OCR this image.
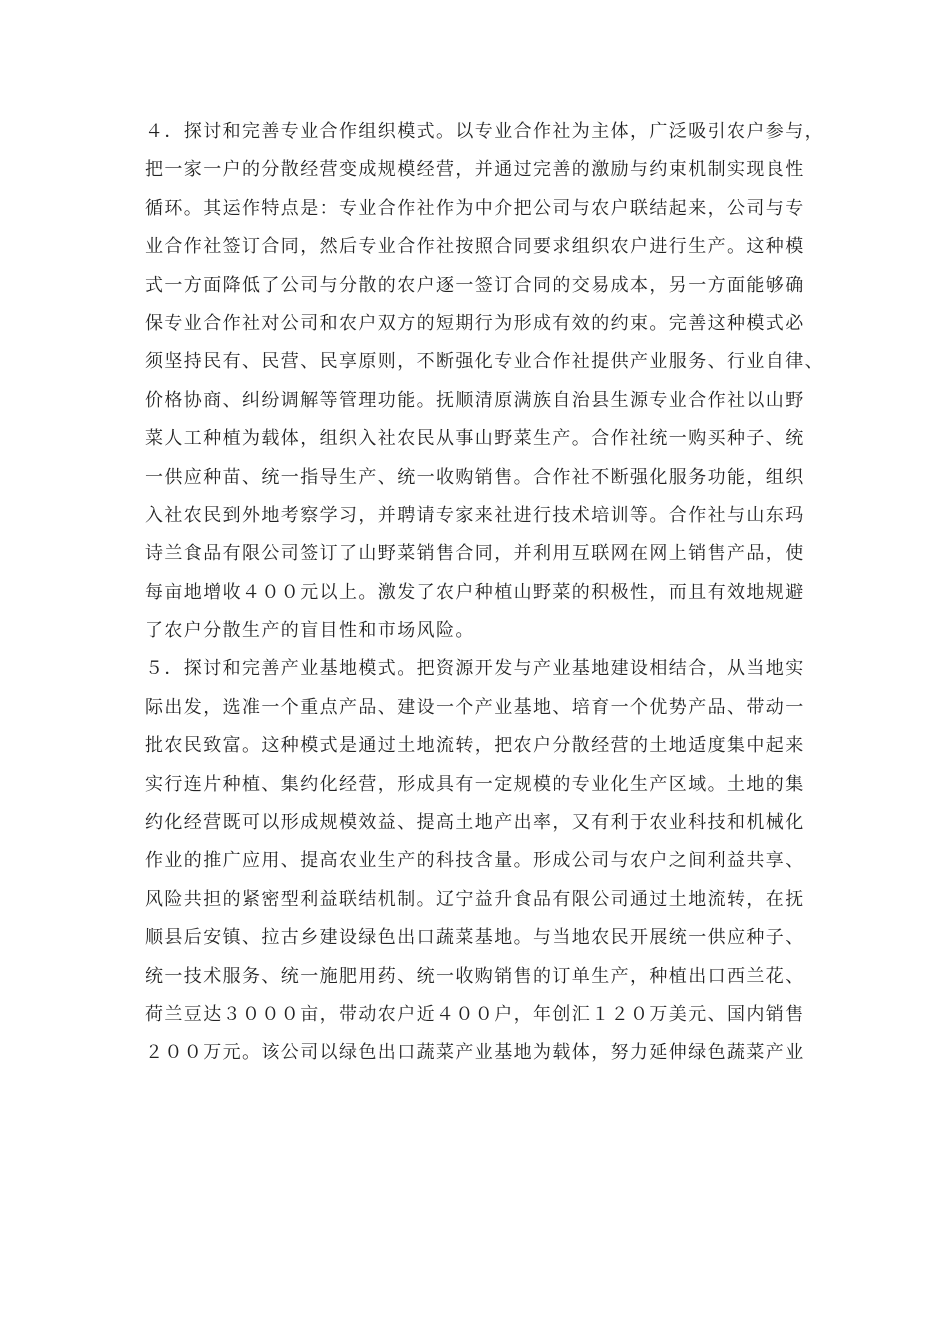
４．探讨和完善专业合作组织模式。以专业合作社为主体，广泛吸引农户参与，
把一家一户的分散经营变成规模经营，并通过完善的激励与约束机制实现良性
循环。其运作特点是：专业合作社作为中介把公司与农户联结起来，公司与专
业合作社签订合同，然后专业合作社按照合同要求组织农户进行生产。这种模
式一方面降低了公司与分散的农户逐一签订合同的交易成本，另一方面能够确
保专业合作社对公司和农户双方的短期行为形成有效的约束。完善这种模式必
须坚持民有、民营、民享原则，不断强化专业合作社提供产业服务、行业自律、
价格协商、纠纷调解等管理功能。抚顺清原满族自治县生源专业合作社以山野
菜人工种植为载体，组织入社农民从事山野菜生产。合作社统一购买种子、统
一供应种苗、统一指导生产、统一收购销售。合作社不断强化服务功能，组织
入社农民到外地考察学习，并聘请专家来社进行技术培训等。合作社与山东玛
诗兰食品有限公司签订了山野菜销售合同，并利用互联网在网上销售产品，使
每亩地增收４００元以上。激发了农户种植山野菜的积极性，而且有效地规避
了农户分散生产的盲目性和市场风险。
５．探讨和完善产业基地模式。把资源开发与产业基地建设相结合，从当地实
际出发，选准一个重点产品、建设一个产业基地、培育一个优势产品、带动一
批农民致富。这种模式是通过土地流转，把农户分散经营的土地适度集中起来
实行连片种植、集约化经营，形成具有一定规模的专业化生产区域。土地的集
约化经营既可以形成规模效益、提高土地产出率，又有利于农业科技和机械化
作业的推广应用、提高农业生产的科技含量。形成公司与农户之间利益共享、
风险共担的紧密型利益联结机制。辽宁益升食品有限公司通过土地流转，在抚
顺县后安镇、拉古乡建设绿色出口蔬菜基地。与当地农民开展统一供应种子、
统一技术服务、统一施肥用药、统一收购销售的订单生产，种植出口西兰花、
荷兰豆达３０００亩，带动农户近４００户，年创汇１２０万美元、国内销售
２００万元。该公司以绿色出口蔬菜产业基地为载体，努力延伸绿色蔬菜产业
